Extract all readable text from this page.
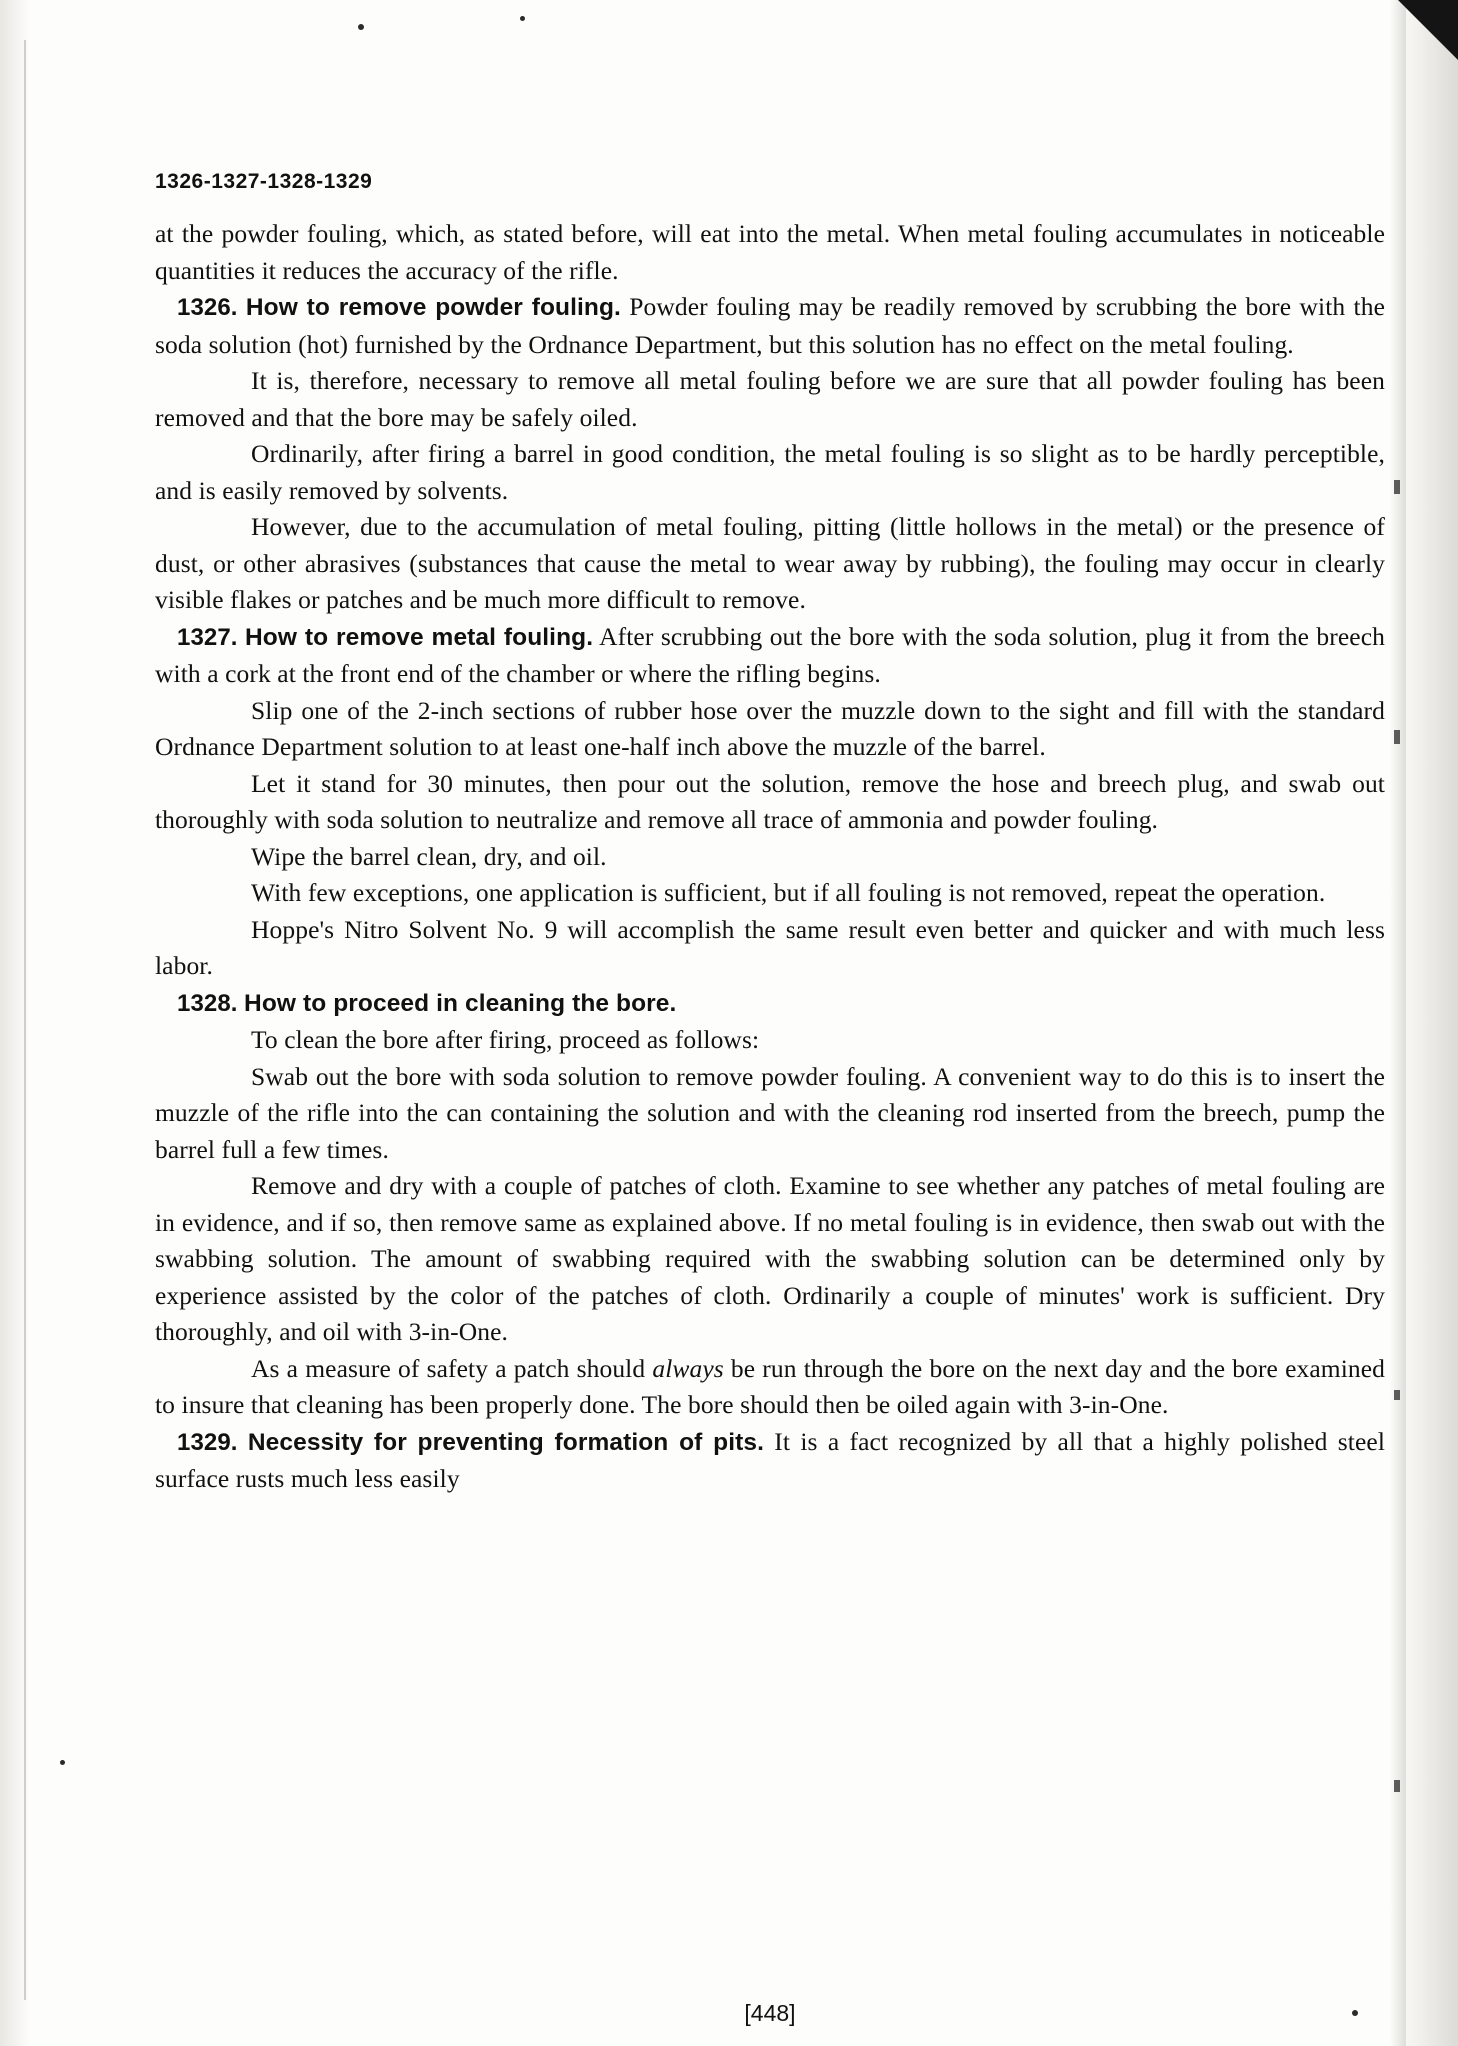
1326-1327-1328-1329

at the powder fouling, which, as stated before, will eat into the metal. When metal fouling accumulates in noticeable quantities it reduces the accuracy of the rifle.

1326. How to remove powder fouling. Powder fouling may be readily removed by scrubbing the bore with the soda solution (hot) furnished by the Ordnance Department, but this solution has no effect on the metal fouling.

It is, therefore, necessary to remove all metal fouling before we are sure that all powder fouling has been removed and that the bore may be safely oiled.

Ordinarily, after firing a barrel in good condition, the metal fouling is so slight as to be hardly perceptible, and is easily removed by solvents.

However, due to the accumulation of metal fouling, pitting (little hollows in the metal) or the presence of dust, or other abrasives (substances that cause the metal to wear away by rubbing), the fouling may occur in clearly visible flakes or patches and be much more difficult to remove.

1327. How to remove metal fouling. After scrubbing out the bore with the soda solution, plug it from the breech with a cork at the front end of the chamber or where the rifling begins.

Slip one of the 2-inch sections of rubber hose over the muzzle down to the sight and fill with the standard Ordnance Department solution to at least one-half inch above the muzzle of the barrel.

Let it stand for 30 minutes, then pour out the solution, remove the hose and breech plug, and swab out thoroughly with soda solution to neutralize and remove all trace of ammonia and powder fouling.

Wipe the barrel clean, dry, and oil.

With few exceptions, one application is sufficient, but if all fouling is not removed, repeat the operation.

Hoppe's Nitro Solvent No. 9 will accomplish the same result even better and quicker and with much less labor.

1328. How to proceed in cleaning the bore.

To clean the bore after firing, proceed as follows:

Swab out the bore with soda solution to remove powder fouling. A convenient way to do this is to insert the muzzle of the rifle into the can containing the solution and with the cleaning rod inserted from the breech, pump the barrel full a few times.

Remove and dry with a couple of patches of cloth. Examine to see whether any patches of metal fouling are in evidence, and if so, then remove same as explained above. If no metal fouling is in evidence, then swab out with the swabbing solution. The amount of swabbing required with the swabbing solution can be determined only by experience assisted by the color of the patches of cloth. Ordinarily a couple of minutes' work is sufficient. Dry thoroughly, and oil with 3-in-One.

As a measure of safety a patch should always be run through the bore on the next day and the bore examined to insure that cleaning has been properly done. The bore should then be oiled again with 3-in-One.

1329. Necessity for preventing formation of pits. It is a fact recognized by all that a highly polished steel surface rusts much less easily

[448]
